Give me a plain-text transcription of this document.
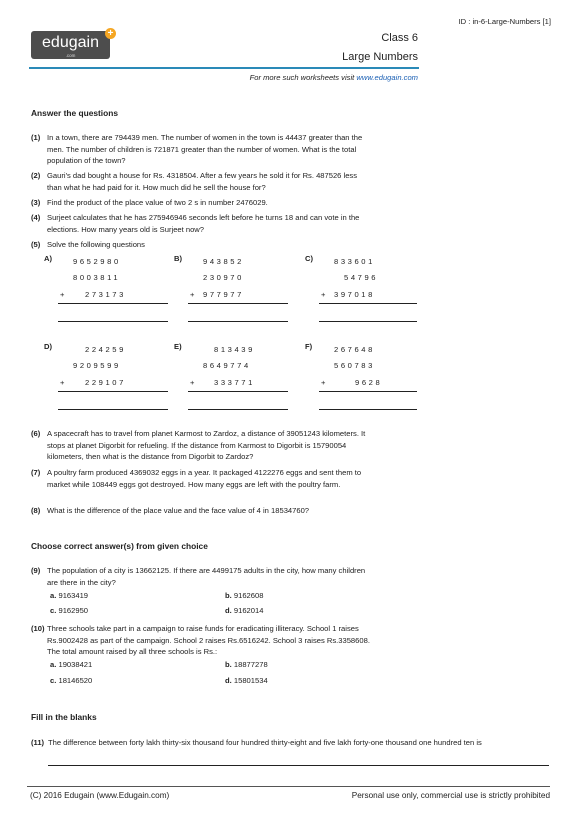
ID : in-6-Large-Numbers [1]
edugain
.com
+	Class 6
Large Numbers
For more such worksheets visit www.edugain.com
Answer the questions
(1) In a town, there are 794439 men. The number of women in the town is 44437 greater than the
men. The number of children is 721871 greater than the number of women. What is the total
population of the town?
(2) Gauri's dad bought a house for Rs. 4318504. After a few years he sold it for Rs. 487526 less
than what he had paid for it. How much did he sell the house for?
(3) Find the product of the place value of two 2 s in number 2476029.
(4) Surjeet calculates that he has 275946946 seconds left before he turns 18 and can vote in the
elections. How many years old is Surjeet now?
(5) Solve the following questions
A)	9652980
8003811
+ 273173
B)	943852
230970
+ 977977
C)	833601
54796
+ 397018
D)	224259
9209599
+ 229107
E)	813439
8649774
+ 333771
F)	267648
560783
+	9628
(6) A spacecraft has to travel from planet Karmost to Zardoz, a distance of 39051243 kilometers. It
stops at planet Digorbit for refueling. If the distance from Karmost to Digorbit is 15790054
kilometers, then what is the distance from Digorbit to Zardoz?
(7) A poultry farm produced 4369032 eggs in a year. It packaged 4122276 eggs and sent them to
market while 108449 eggs got destroyed. How many eggs are left with the poultry farm.
(8) What is the difference of the place value and the face value of 4 in 18534760?
Choose correct answer(s) from given choice
(9) The population of a city is 13662125. If there are 4499175 adults in the city, how many children
are there in the city?
a. 9163419	b. 9162608
c. 9162950	d. 9162014
(10) Three schools take part in a campaign to raise funds for eradicating illiteracy. School 1 raises
Rs.9002428 as part of the campaign. School 2 raises Rs.6516242. School 3 raises Rs.3358608.
The total amount raised by all three schools is Rs.:
a. 19038421	b. 18877278
c. 18146520	d. 15801534
Fill in the blanks
(11) The difference between forty lakh thirty-six thousand four hundred thirty-eight and five lakh forty-one thousand one hundred ten is
(C) 2016 Edugain (www.Edugain.com)	Personal use only, commercial use is strictly prohibited
